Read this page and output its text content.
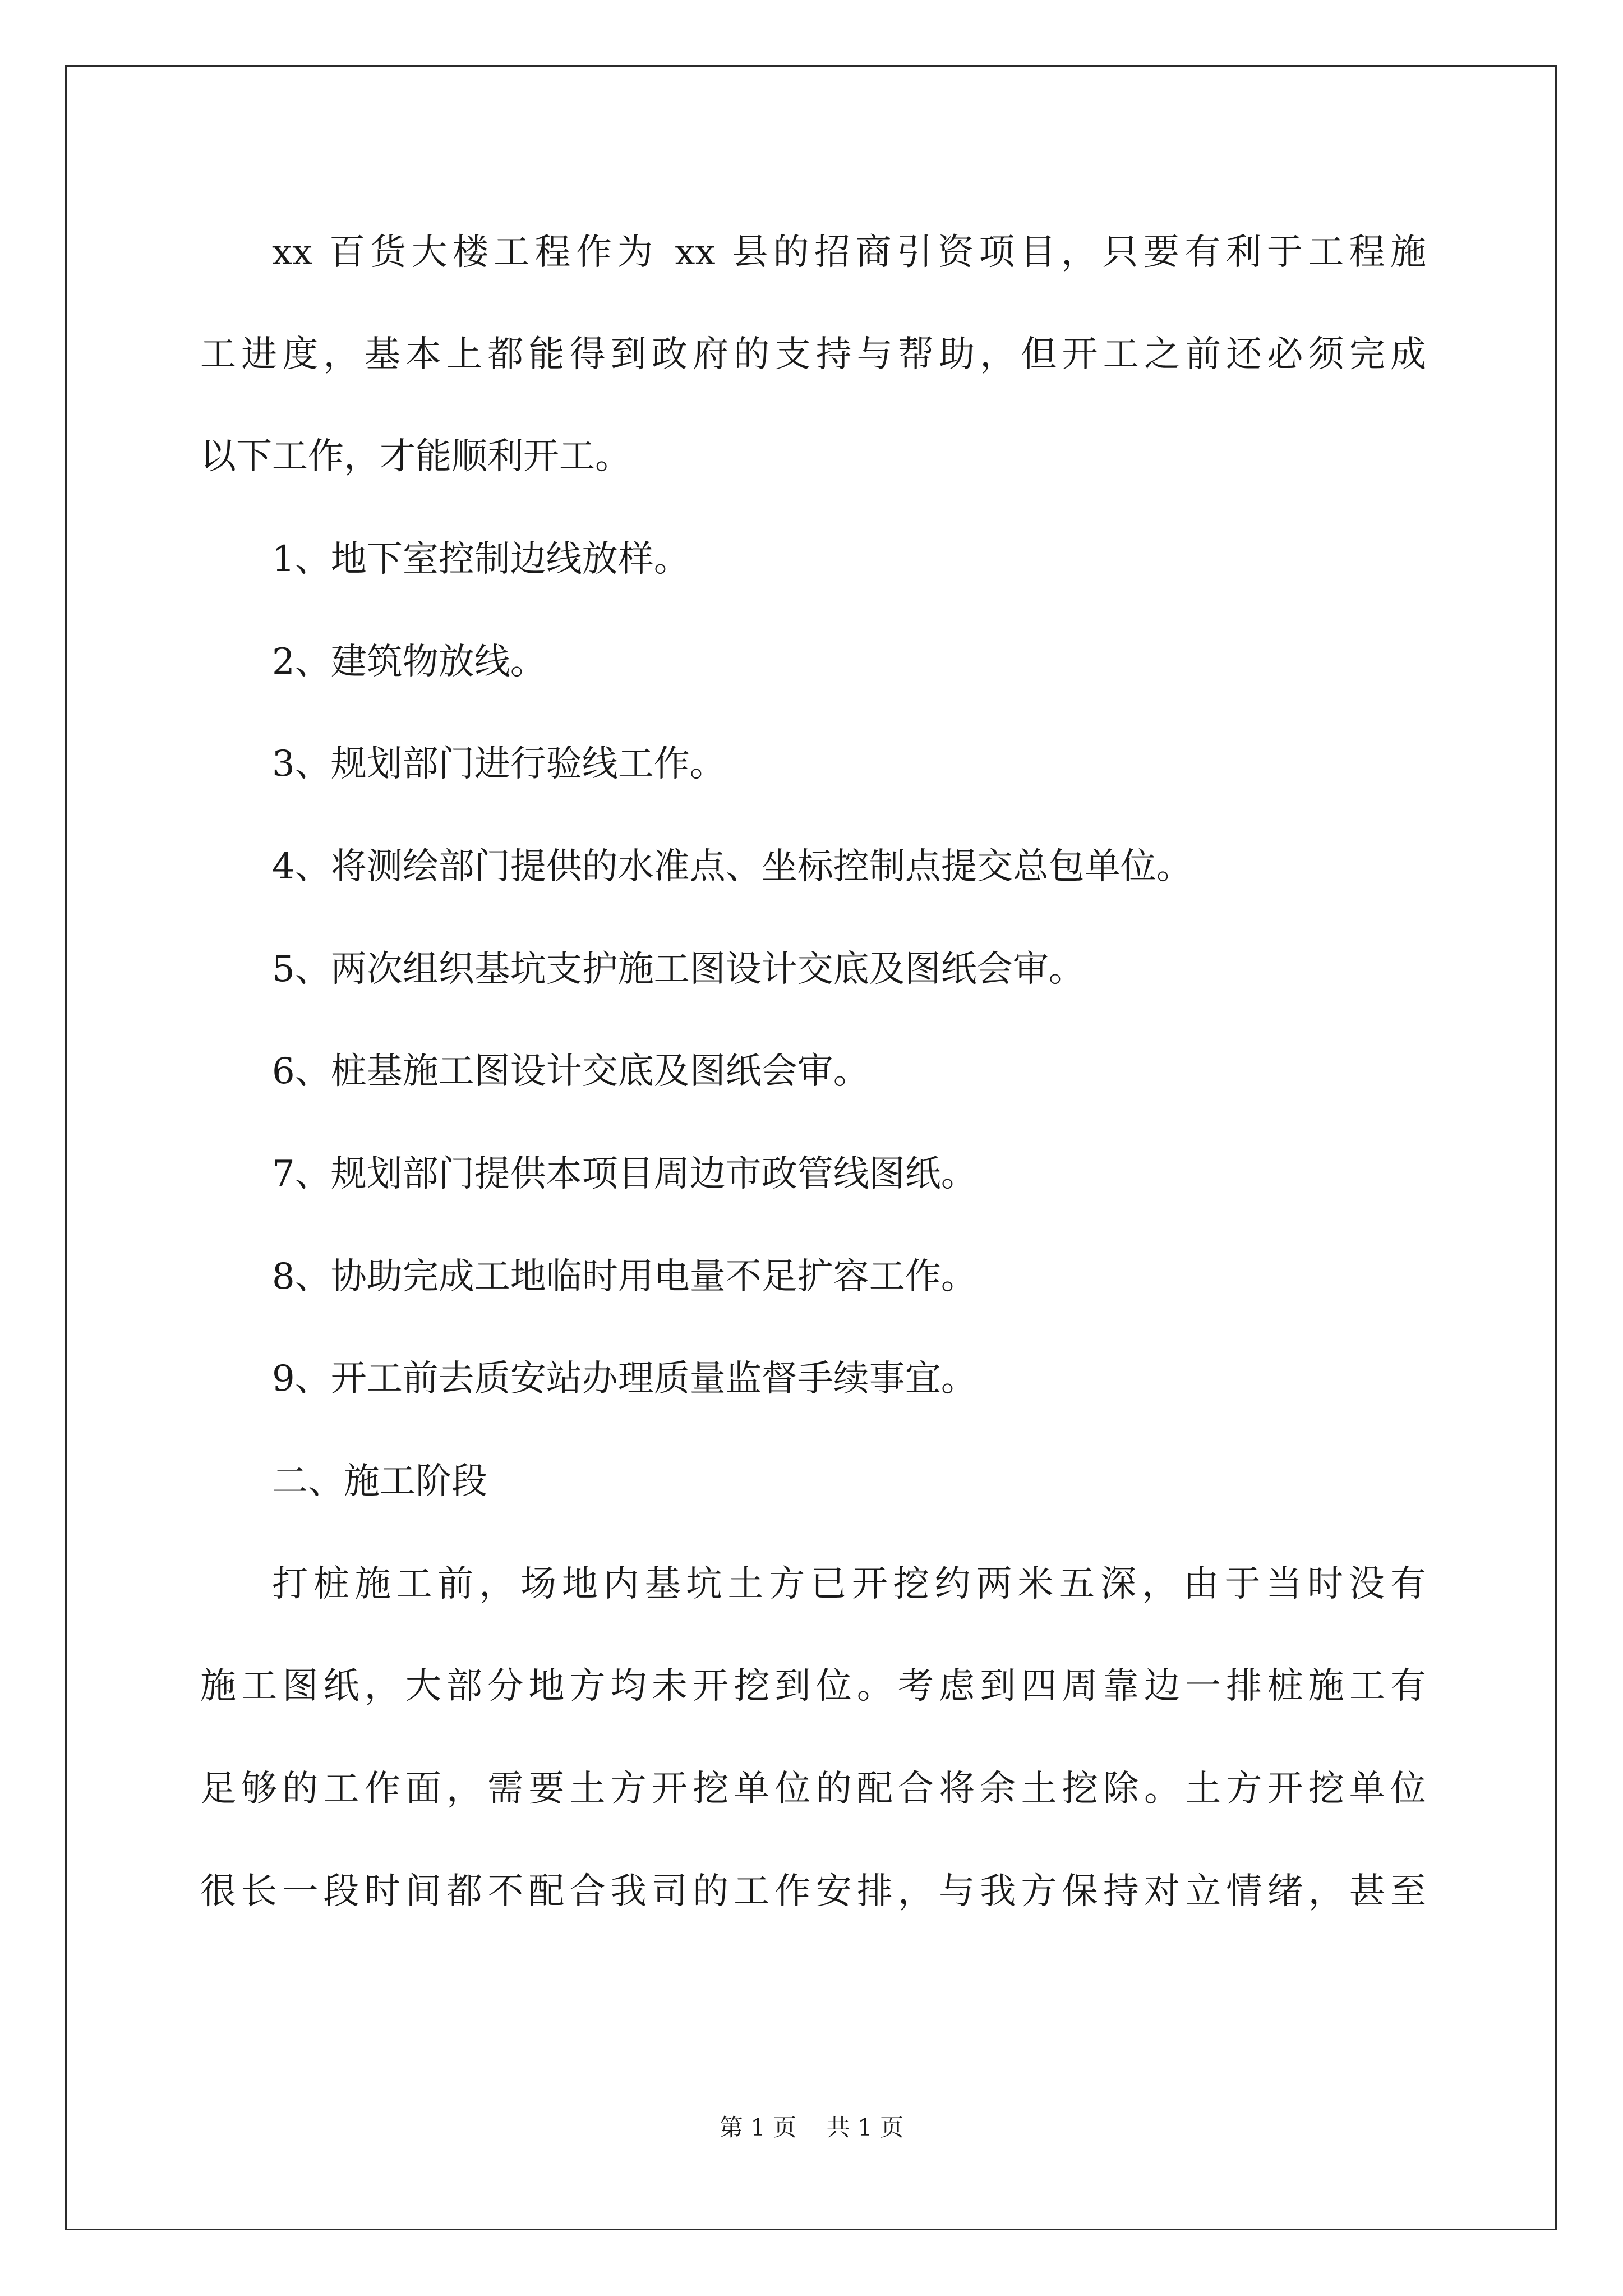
xx 百货大楼工程作为 xx 县的招商引资项目，只要有利于工程施
工进度，基本上都能得到政府的支持与帮助，但开工之前还必须完成
以下工作，才能顺利开工。
1、地下室控制边线放样。
2、建筑物放线。
3、规划部门进行验线工作。
4、将测绘部门提供的水准点、坐标控制点提交总包单位。
5、两次组织基坑支护施工图设计交底及图纸会审。
6、桩基施工图设计交底及图纸会审。
7、规划部门提供本项目周边市政管线图纸。
8、协助完成工地临时用电量不足扩容工作。
9、开工前去质安站办理质量监督手续事宜。
二、施工阶段
打桩施工前，场地内基坑土方已开挖约两米五深，由于当时没有
施工图纸，大部分地方均未开挖到位。考虑到四周靠边一排桩施工有
足够的工作面，需要土方开挖单位的配合将余土挖除。土方开挖单位
很长一段时间都不配合我司的工作安排，与我方保持对立情绪，甚至
第 1 页 共 1 页
